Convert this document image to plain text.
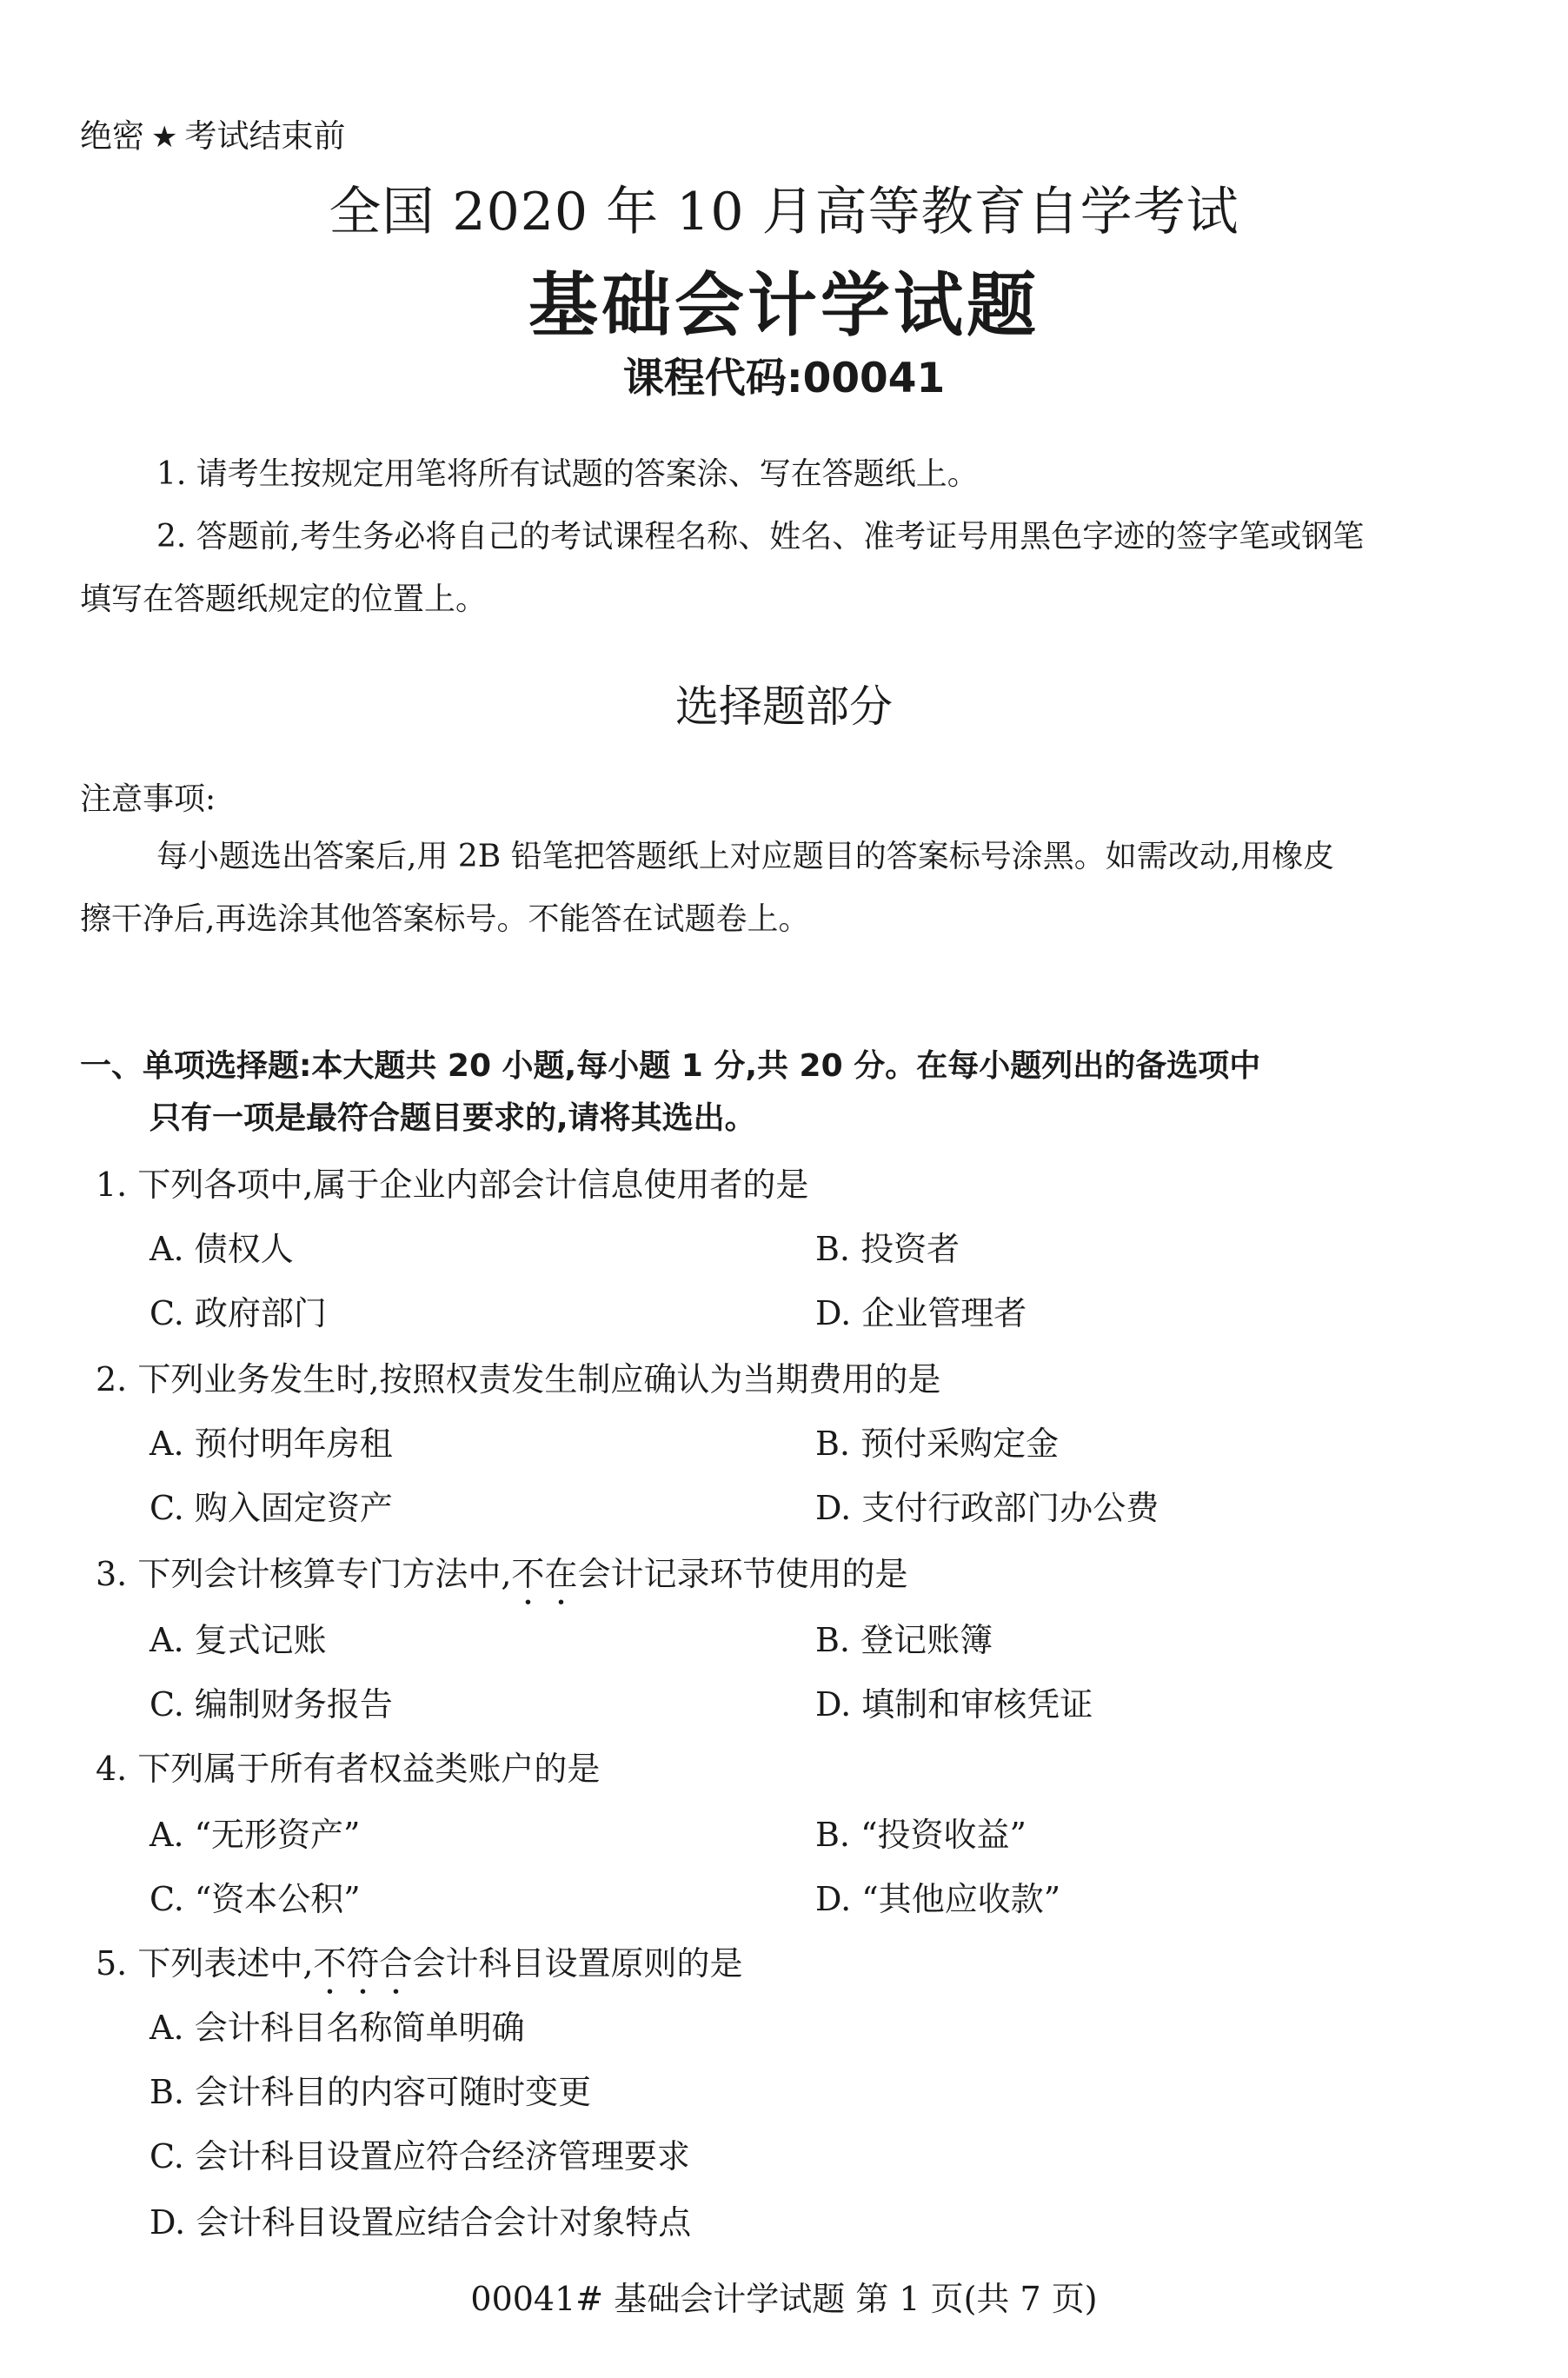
绝密 ★ 考试结束前
全国 2020 年 10 月高等教育自学考试
基础会计学试题
课程代码:00041
1. 请考生按规定用笔将所有试题的答案涂、写在答题纸上。
2. 答题前,考生务必将自己的考试课程名称、姓名、准考证号用黑色字迹的签字笔或钢笔
填写在答题纸规定的位置上。
选择题部分
注意事项:
每小题选出答案后,用 2B 铅笔把答题纸上对应题目的答案标号涂黑。如需改动,用橡皮
擦干净后,再选涂其他答案标号。不能答在试题卷上。
一、单项选择题:本大题共 20 小题,每小题 1 分,共 20 分。在每小题列出的备选项中
只有一项是最符合题目要求的,请将其选出。
1. 下列各项中,属于企业内部会计信息使用者的是
A. 债权人	B. 投资者
C. 政府部门	D. 企业管理者
2. 下列业务发生时,按照权责发生制应确认为当期费用的是
A. 预付明年房租	B. 预付采购定金
C. 购入固定资产	D. 支付行政部门办公费
3. 下列会计核算专门方法中,不在会计记录环节使用的是
A. 复式记账	B. 登记账簿
C. 编制财务报告	D. 填制和审核凭证
4. 下列属于所有者权益类账户的是
A. “无形资产”	B. “投资收益”
C. “资本公积”	D. “其他应收款”
5. 下列表述中,不符合会计科目设置原则的是
A. 会计科目名称简单明确
B. 会计科目的内容可随时变更
C. 会计科目设置应符合经济管理要求
D. 会计科目设置应结合会计对象特点
00041# 基础会计学试题 第 1 页(共 7 页)
